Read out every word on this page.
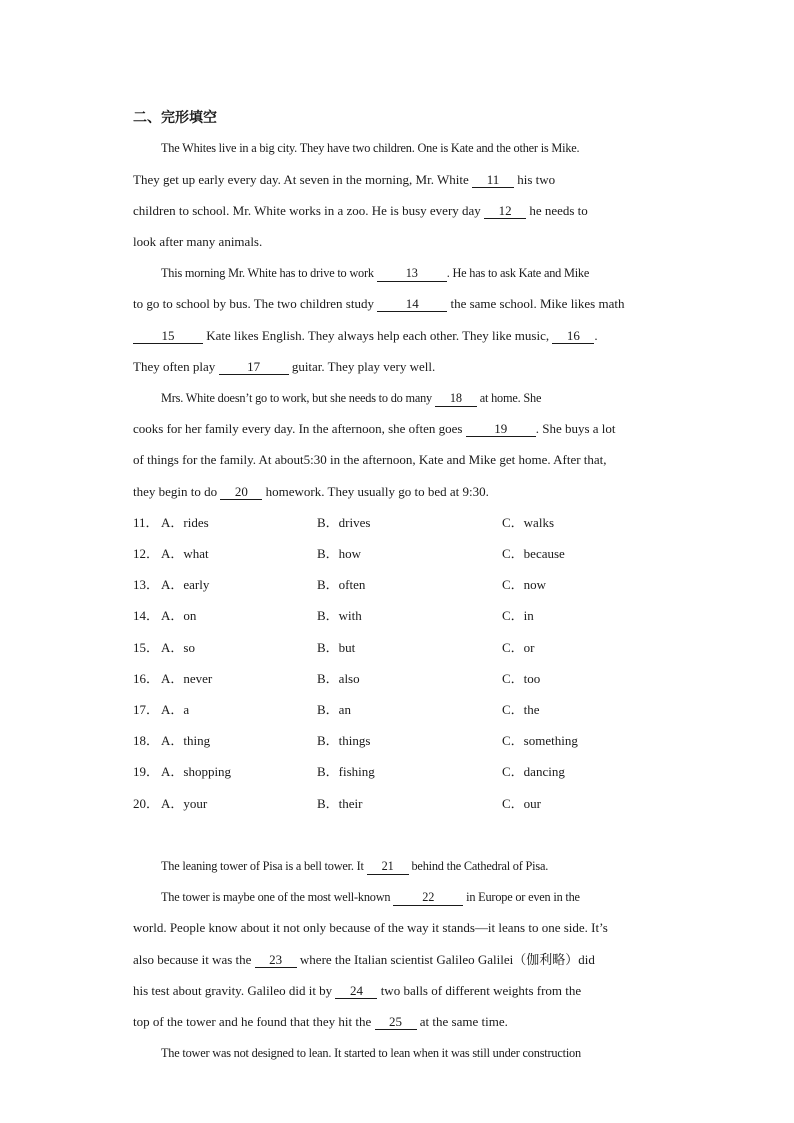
二、完形填空
The Whites live in a big city. They have two children. One is Kate and the other is Mike.
They get up early every day. At seven in the morning, Mr. White 11 his two
children to school. Mr. White works in a zoo. He is busy every day 12 he needs to
look after many animals.
This morning Mr. White has to drive to work 13 . He has to ask Kate and Mike
to go to school by bus. The two children study 14 the same school. Mike likes math
15 Kate likes English. They always help each other. They like music, 16 .
They often play 17 guitar. They play very well.
Mrs. White doesn’t go to work, but she needs to do many 18 at home. She
cooks for her family every day. In the afternoon, she often goes 19 . She buys a lot
of things for the family. At about5:30 in the afternoon, Kate and Mike get home. After that,
they begin to do 20 homework. They usually go to bed at 9:30.
11． A．rides	B．drives	C．walks
12． A．what	B．how	C．because
13． A．early	B．often	C．now
14． A．on	B．with	C．in
15． A．so	B．but	C．or
16． A．never	B．also	C．too
17． A．a	B．an	C．the
18． A．thing	B．things	C．something
19． A．shopping	B．fishing	C．dancing
20． A．your	B．their	C．our
The leaning tower of Pisa is a bell tower. It 21 behind the Cathedral of Pisa.
The tower is maybe one of the most well-known 22 in Europe or even in the
world. People know about it not only because of the way it stands—it leans to one side. It’s
also because it was the 23 where the Italian scientist Galileo Galilei（伽利略）did
his test about gravity. Galileo did it by 24 two balls of different weights from the
top of the tower and he found that they hit the 25 at the same time.
The tower was not designed to lean. It started to lean when it was still under construction
